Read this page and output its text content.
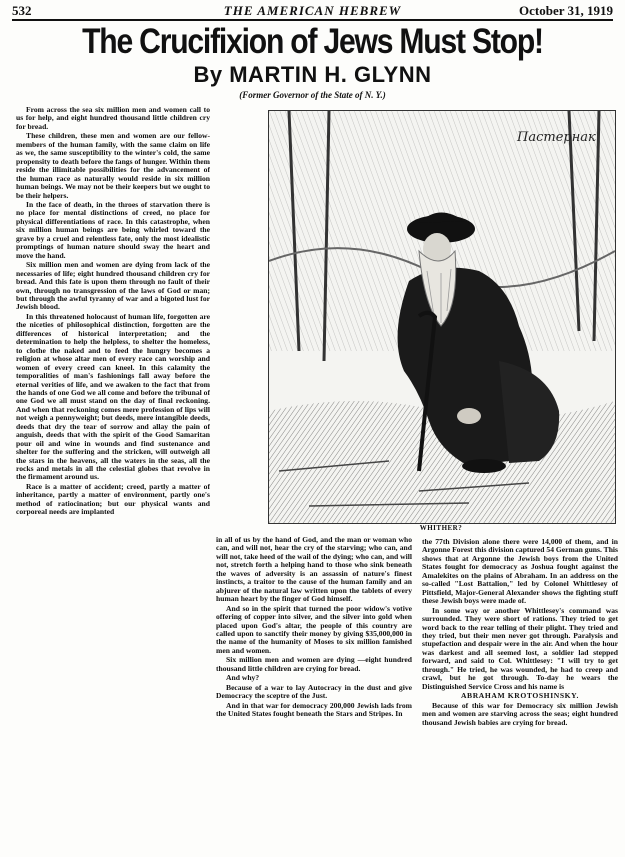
532	THE AMERICAN HEBREW	October 31, 1919
The Crucifixion of Jews Must Stop!
By MARTIN H. GLYNN
(Former Governor of the State of N. Y.)

From across the sea six million men and women call to us for help, and eight hundred thousand little children cry for bread.

These children, these men and women are our fellow-members of the human family, with the same claim on life as we, the same susceptibility to the winter's cold, the same propensity to death before the fangs of hunger. Within them reside the illimitable possibilities for the advancement of the human race as naturally would reside in six million human beings. We may not be their keepers but we ought to be their helpers.

In the face of death, in the throes of starvation there is no place for mental distinctions of creed, no place for physical differentiations of race. In this catastrophe, when six million human beings are being whirled toward the grave by a cruel and relentless fate, only the most idealistic promptings of human nature should sway the heart and move the hand.

Six million men and women are dying from lack of the necessaries of life; eight hundred thousand children cry for bread. And this fate is upon them through no fault of their own, through no transgression of the laws of God or man; but through the awful tyranny of war and a bigoted lust for Jewish blood.

In this threatened holocaust of human life, forgotten are the niceties of philosophical distinction, forgotten are the differences of historical interpretation; and the determination to help the helpless, to shelter the homeless, to clothe the naked and to feed the hungry becomes a religion at whose altar men of every race can worship and women of every creed can kneel. In this calamity the temporalities of man's fashionings fall away before the eternal verities of life, and we awaken to the fact that from the hands of one God we all come and before the tribunal of one God we all must stand on the day of final reckoning. And when that reckoning comes mere profession of lips will not weigh a pennyweight; but deeds, mere intangible deeds, deeds that dry the tear of sorrow and allay the pain of anguish, deeds that with the spirit of the Good Samaritan pour oil and wine in wounds and find sustenance and shelter for the suffering and the stricken, will outweigh all the stars in the heavens, all the waters in the seas, all the rocks and metals in all the celestial globes that revolve in the firmament around us.

Race is a matter of accident; creed, partly a matter of inheritance, partly a matter of environment, partly one's method of ratiocination; but our physical wants and corporeal needs are implanted

Пастернак
WHITHER?

in all of us by the hand of God, and the man or woman who can, and will not, hear the cry of the starving; who can, and will not, take heed of the wail of the dying; who can, and will not, stretch forth a helping hand to those who sink beneath the waves of adversity is an assassin of nature's finest instincts, a traitor to the cause of the human family and an abjurer of the natural law written upon the tablets of every human heart by the finger of God himself.

And so in the spirit that turned the poor widow's votive offering of copper into silver, and the silver into gold when placed upon God's altar, the people of this country are called upon to sanctify their money by giving $35,000,000 in the name of the humanity of Moses to six million famished men and women.

Six million men and women are dying —eight hundred thousand little children are crying for bread.

And why?

Because of a war to lay Autocracy in the dust and give Democracy the sceptre of the Just.

And in that war for democracy 200,000 Jewish lads from the United States fought beneath the Stars and Stripes. In

the 77th Division alone there were 14,000 of them, and in Argonne Forest this division captured 54 German guns. This shows that at Argonne the Jewish boys from the United States fought for democracy as Joshua fought against the Amalekites on the plains of Abraham. In an address on the so-called "Lost Battalion," led by Colonel Whittlesey of Pittsfield, Major-General Alexander shows the fighting stuff these Jewish boys were made of.

In some way or another Whittlesey's command was surrounded. They were short of rations. They tried to get word back to the rear telling of their plight. They tried and they tried, but their men never got through. Paralysis and stupefaction and despair were in the air. And when the hour was darkest and all seemed lost, a soldier lad stepped forward, and said to Col. Whittlesey: "I will try to get through." He tried, he was wounded, he had to creep and crawl, but he got through. To-day he wears the Distinguished Service Cross and his name is

ABRAHAM KROTOSHINSKY.

Because of this war for Democracy six million Jewish men and women are starving across the seas; eight hundred thousand Jewish babies are crying for bread.
